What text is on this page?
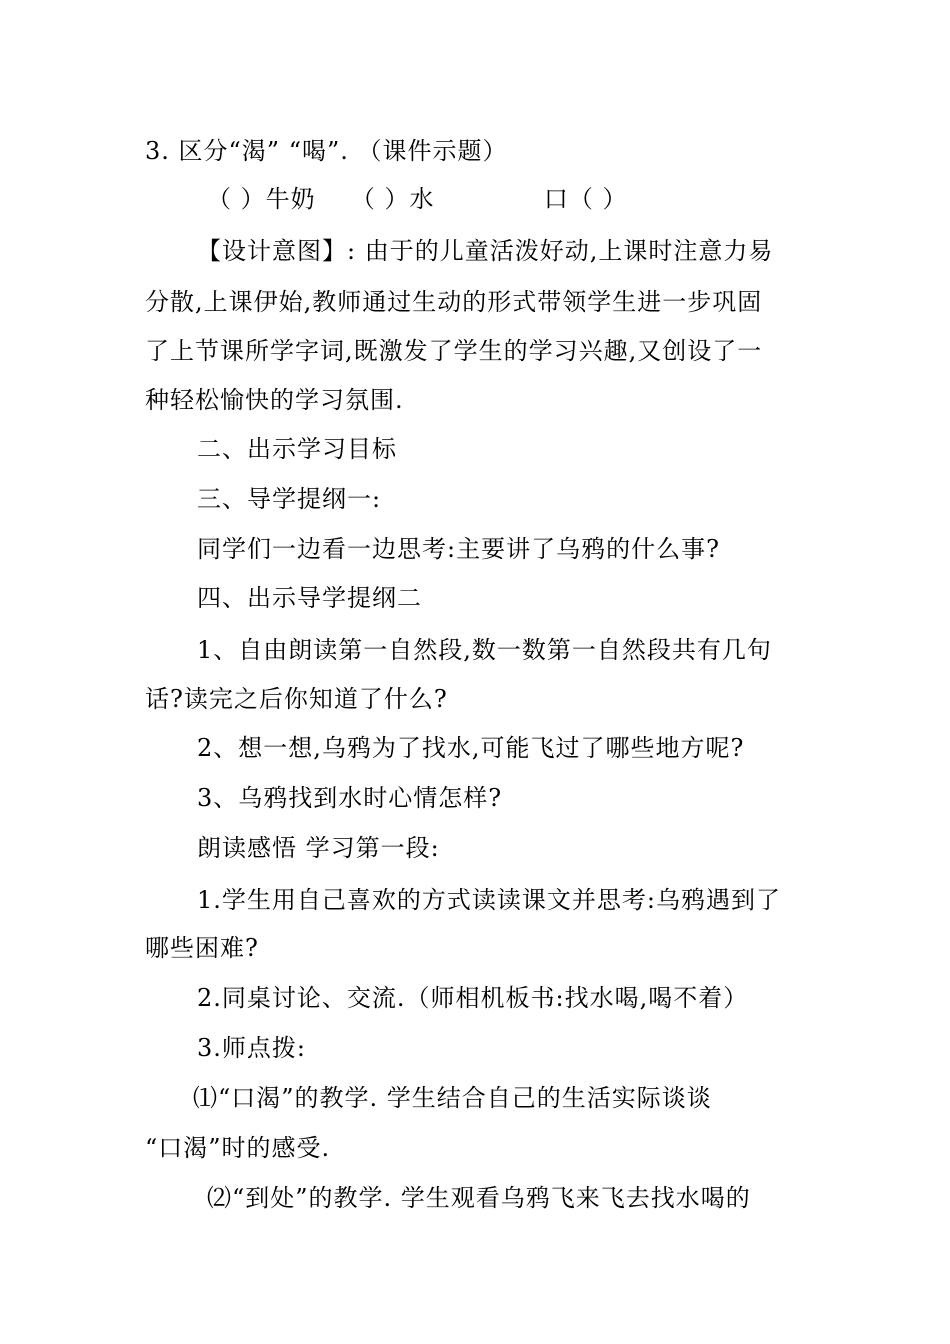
3. 区分“渴” “喝”. （课件示题）
（ ）牛奶 （ ）水	口（ ）
【设计意图】: 由于的儿童活泼好动,上课时注意力易
分散,上课伊始,教师通过生动的形式带领学生进一步巩固
了上节课所学字词,既激发了学生的学习兴趣,又创设了一
种轻松愉快的学习氛围.
二、出示学习目标
三、导学提纲一:
同学们一边看一边思考:主要讲了乌鸦的什么事?
四、出示导学提纲二
1、自由朗读第一自然段,数一数第一自然段共有几句
话?读完之后你知道了什么?
2、想一想,乌鸦为了找水,可能飞过了哪些地方呢?
3、乌鸦找到水时心情怎样?
朗读感悟 学习第一段:
1.学生用自己喜欢的方式读读课文并思考:乌鸦遇到了
哪些困难?
2.同桌讨论、交流.（师相机板书:找水喝,喝不着）
3.师点拨:
⑴“口渴”的教学. 学生结合自己的生活实际谈谈
“口渴”时的感受.
⑵“到处”的教学. 学生观看乌鸦飞来飞去找水喝的
